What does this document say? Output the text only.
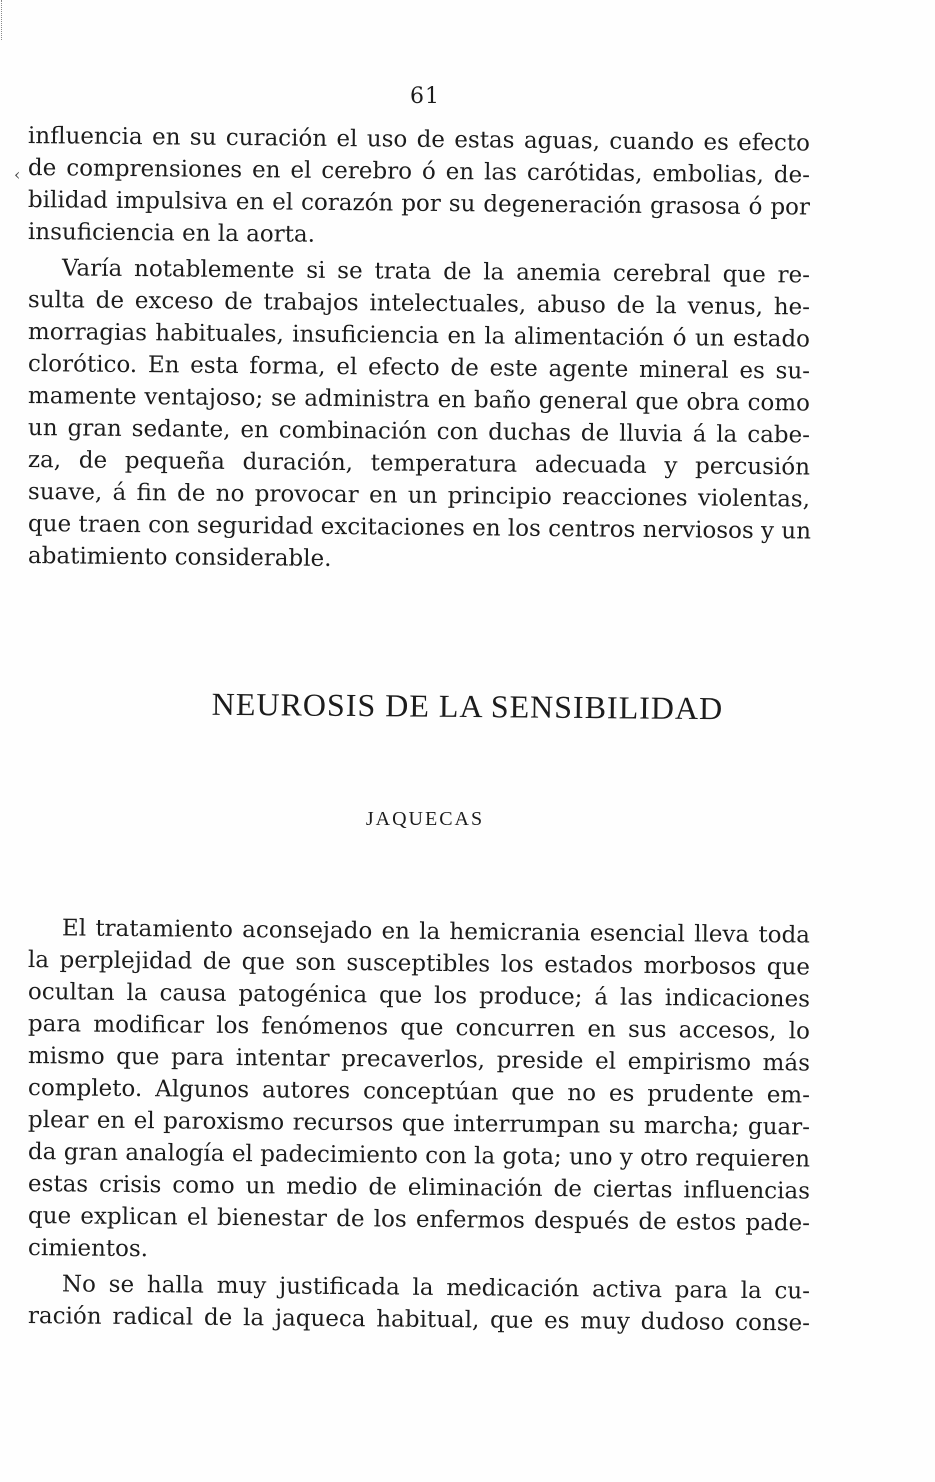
‹
61
influencia en su curación el uso de estas aguas, cuando es efecto
de comprensiones en el cerebro ó en las carótidas, embolias, de-
bilidad impulsiva en el corazón por su degeneración grasosa ó por
insuficiencia en la aorta.
Varía notablemente si se trata de la anemia cerebral que re-
sulta de exceso de trabajos intelectuales, abuso de la venus, he-
morragias habituales, insuficiencia en la alimentación ó un estado
clorótico. En esta forma, el efecto de este agente mineral es su-
mamente ventajoso; se administra en baño general que obra como
un gran sedante, en combinación con duchas de lluvia á la cabe-
za, de pequeña duración, temperatura adecuada y percusión
suave, á fin de no provocar en un principio reacciones violentas,
que traen con seguridad excitaciones en los centros nerviosos y un
abatimiento considerable.
NEUROSIS DE LA SENSIBILIDAD
JAQUECAS
El tratamiento aconsejado en la hemicrania esencial lleva toda
la perplejidad de que son susceptibles los estados morbosos que
ocultan la causa patogénica que los produce; á las indicaciones
para modificar los fenómenos que concurren en sus accesos, lo
mismo que para intentar precaverlos, preside el empirismo más
completo. Algunos autores conceptúan que no es prudente em-
plear en el paroxismo recursos que interrumpan su marcha; guar-
da gran analogía el padecimiento con la gota; uno y otro requieren
estas crisis como un medio de eliminación de ciertas influencias
que explican el bienestar de los enfermos después de estos pade-
cimientos.
No se halla muy justificada la medicación activa para la cu-
ración radical de la jaqueca habitual, que es muy dudoso conse-
